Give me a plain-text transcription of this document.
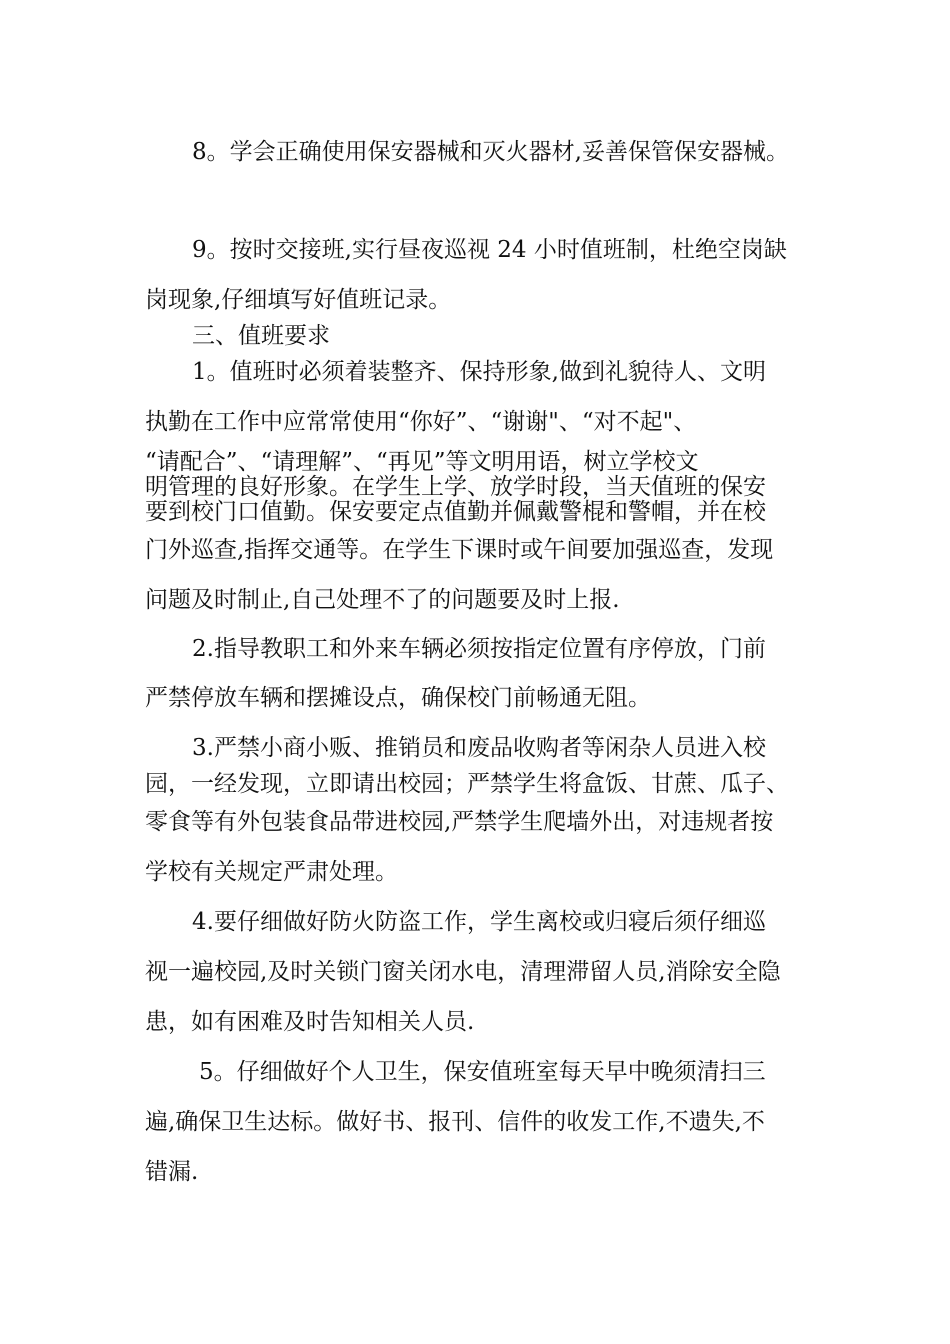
8。学会正确使用保安器械和灭火器材,妥善保管保安器械。

9。按时交接班,实行昼夜巡视 24 小时值班制，杜绝空岗缺

岗现象,仔细填写好值班记录。

三、值班要求

1。值班时必须着装整齐、保持形象,做到礼貌待人、文明

执勤在工作中应常常使用“你好”、“谢谢"、“对不起"、

“请配合”、“请理解”、“再见”等文明用语，树立学校文

明管理的良好形象。在学生上学、放学时段，当天值班的保安

要到校门口值勤。保安要定点值勤并佩戴警棍和警帽，并在校

门外巡查,指挥交通等。在学生下课时或午间要加强巡查，发现

问题及时制止,自己处理不了的问题要及时上报.

2.指导教职工和外来车辆必须按指定位置有序停放，门前

严禁停放车辆和摆摊设点，确保校门前畅通无阻。

3.严禁小商小贩、推销员和废品收购者等闲杂人员进入校

园，一经发现，立即请出校园；严禁学生将盒饭、甘蔗、瓜子、

零食等有外包装食品带进校园,严禁学生爬墙外出，对违规者按

学校有关规定严肃处理。

4.要仔细做好防火防盗工作，学生离校或归寝后须仔细巡

视一遍校园,及时关锁门窗关闭水电，清理滞留人员,消除安全隐

患，如有困难及时告知相关人员.

5。仔细做好个人卫生，保安值班室每天早中晚须清扫三

遍,确保卫生达标。做好书、报刊、信件的收发工作,不遗失,不

错漏.
